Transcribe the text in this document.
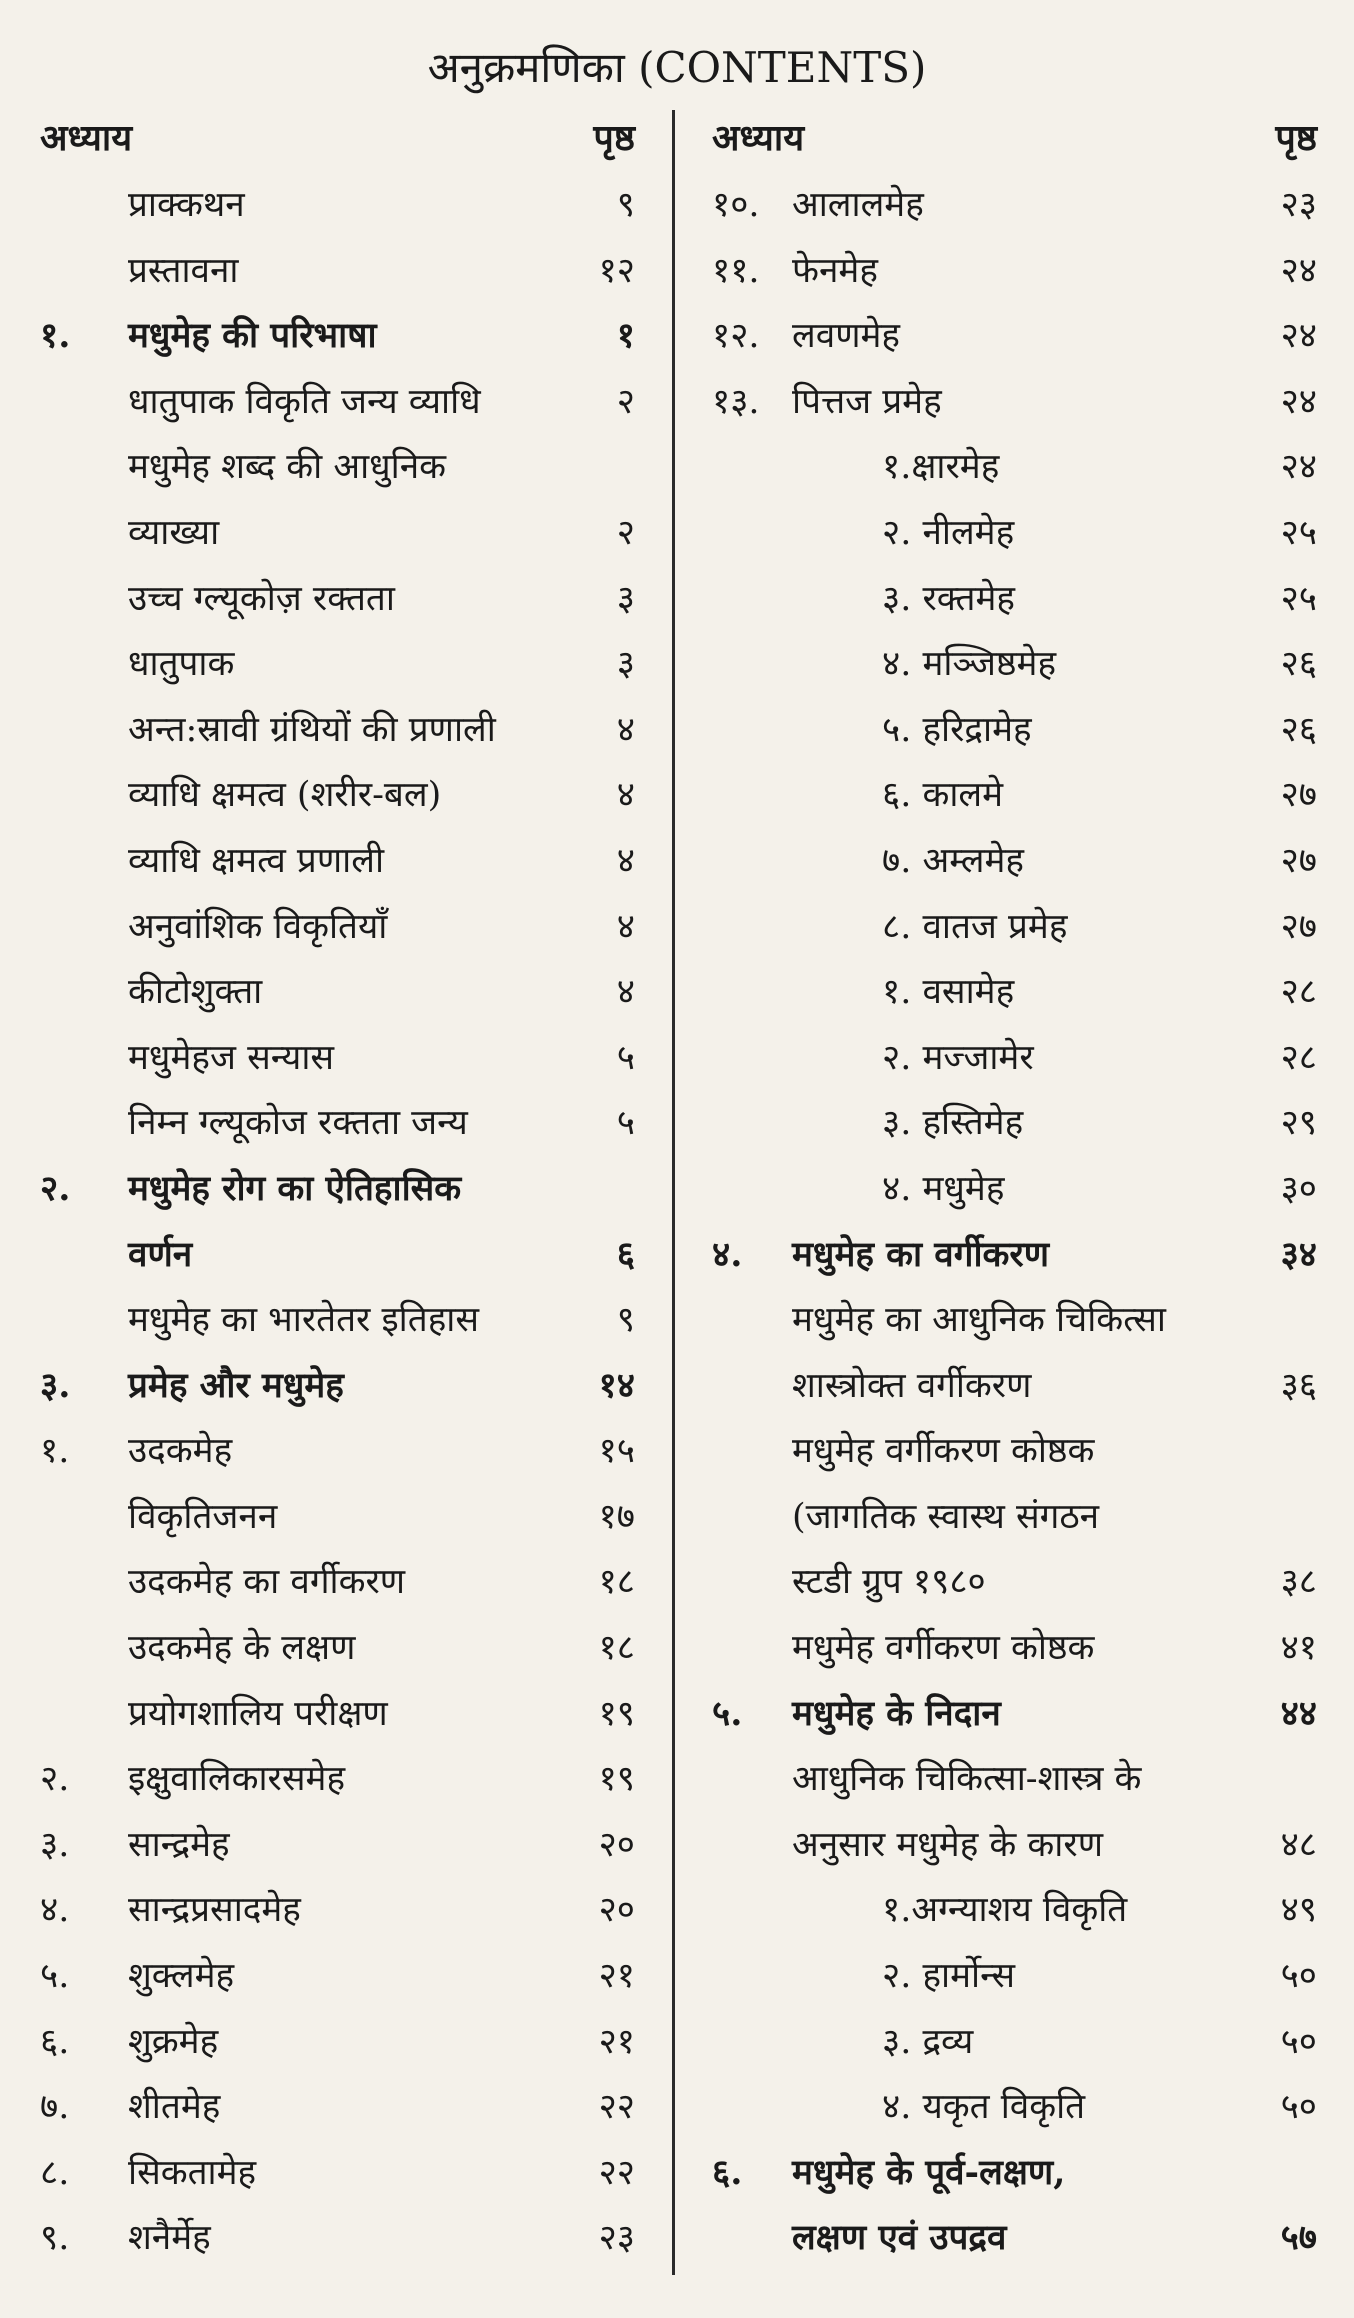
अनुक्रमणिका (CONTENTS)
अध्याय	पृष्ठ
प्राक्कथन	९
प्रस्तावना	१२
१. मधुमेह की परिभाषा	१
धातुपाक विकृति जन्य व्याधि	२
मधुमेह शब्द की आधुनिक
व्याख्या	२
उच्च ग्ल्यूकोज़ रक्तता	३
धातुपाक	३
अन्त:स्रावी ग्रंथियों की प्रणाली	४
व्याधि क्षमत्व (शरीर-बल)	४
व्याधि क्षमत्व प्रणाली	४
अनुवांशिक विकृतियाँ	४
कीटोशुक्ता	४
मधुमेहज सन्यास	५
निम्न ग्ल्यूकोज रक्तता जन्य	५
२. मधुमेह रोग का ऐतिहासिक
वर्णन	६
मधुमेह का भारतेतर इतिहास	९
३. प्रमेह और मधुमेह	१४
१. उदकमेह	१५
विकृतिजनन	१७
उदकमेह का वर्गीकरण	१८
उदकमेह के लक्षण	१८
प्रयोगशालिय परीक्षण	१९
२. इक्षुवालिकारसमेह	१९
३. सान्द्रमेह	२०
४. सान्द्रप्रसादमेह	२०
५. शुक्लमेह	२१
६. शुक्रमेह	२१
७. शीतमेह	२२
८. सिकतामेह	२२
९. शनैर्मेह	२३
अध्याय	पृष्ठ
१०. आलालमेह	२३
११. फेनमेह	२४
१२. लवणमेह	२४
१३. पित्तज प्रमेह	२४
१.क्षारमेह	२४
२. नीलमेह	२५
३. रक्तमेह	२५
४. मञ्जिष्ठमेह	२६
५. हरिद्रामेह	२६
६. कालमे	२७
७. अम्लमेह	२७
८. वातज प्रमेह	२७
१. वसामेह	२८
२. मज्जामेर	२८
३. हस्तिमेह	२९
४. मधुमेह	३०
४. मधुमेह का वर्गीकरण	३४
मधुमेह का आधुनिक चिकित्सा
शास्त्रोक्त वर्गीकरण	३६
मधुमेह वर्गीकरण कोष्ठक
(जागतिक स्वास्थ संगठन
स्टडी ग्रुप १९८०	३८
मधुमेह वर्गीकरण कोष्ठक	४१
५. मधुमेह के निदान	४४
आधुनिक चिकित्सा-शास्त्र के
अनुसार मधुमेह के कारण	४८
१.अग्न्याशय विकृति	४९
२. हार्मोन्स	५०
३. द्रव्य	५०
४. यकृत विकृति	५०
६. मधुमेह के पूर्व-लक्षण,
लक्षण एवं उपद्रव	५७
